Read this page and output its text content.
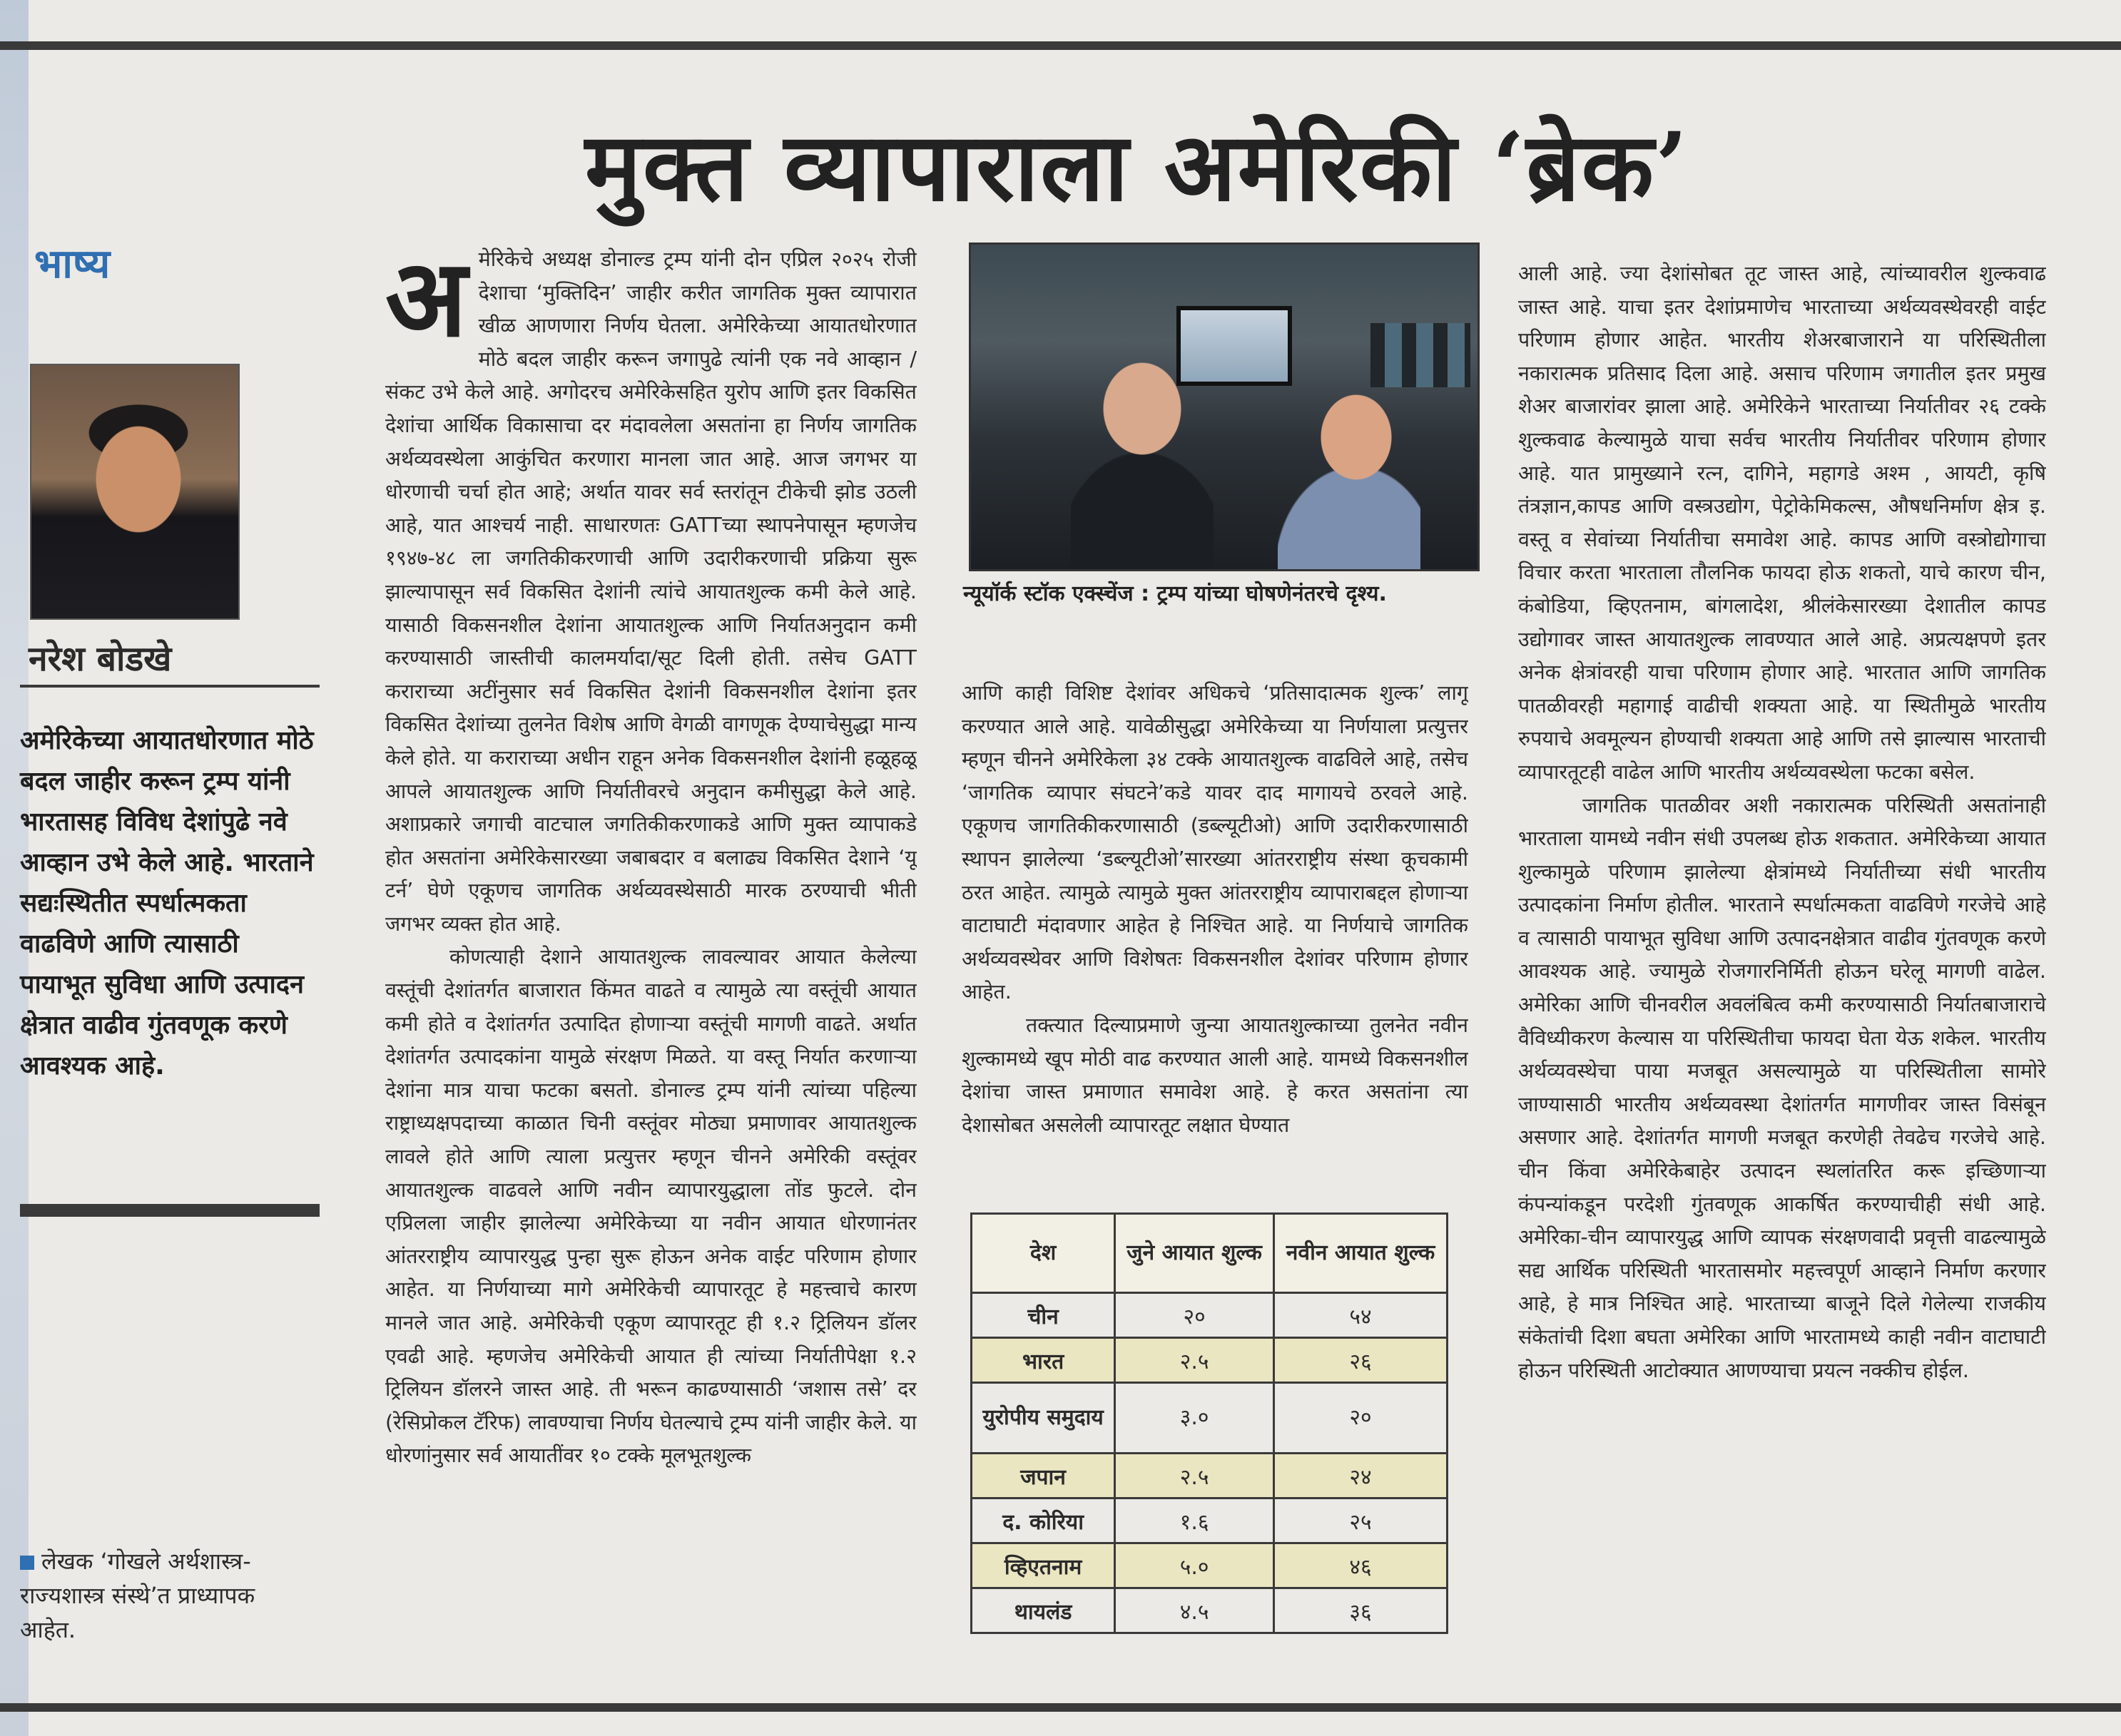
मुक्त व्यापाराला अमेरिकी ‘ब्रेक’
भाष्य
नरेश बोडखे
अमेरिकेच्या आयातधोरणात मोठे बदल जाहीर करून ट्रम्प यांनी भारतासह विविध देशांपुढे नवे आव्हान उभे केले आहे. भारताने सद्यःस्थितीत स्पर्धात्मकता वाढविणे आणि त्यासाठी पायाभूत सुविधा आणि उत्पादन क्षेत्रात वाढीव गुंतवणूक करणे आवश्यक आहे.
लेखक ‘गोखले अर्थशास्त्र-राज्यशास्त्र संस्थे’त प्राध्यापक आहेत.

अमेरिकेचे अध्यक्ष डोनाल्ड ट्रम्प यांनी दोन एप्रिल २०२५ रोजी देशाचा ‘मुक्तिदिन’ जाहीर करीत जागतिक मुक्त व्यापारात खीळ आणणारा निर्णय घेतला. अमेरिकेच्या आयातधोरणात मोठे बदल जाहीर करून जगापुढे त्यांनी एक नवे आव्हान / संकट उभे केले आहे. अगोदरच अमेरिकेसहित युरोप आणि इतर विकसित देशांचा आर्थिक विकासाचा दर मंदावलेला असतांना हा निर्णय जागतिक अर्थव्यवस्थेला आकुंचित करणारा मानला जात आहे. आज जगभर या धोरणाची चर्चा होत आहे; अर्थात यावर सर्व स्तरांतून टीकेची झोड उठली आहे, यात आश्चर्य नाही. साधारणतः GATTच्या स्थापनेपासून म्हणजेच १९४७-४८ ला जगतिकीकरणाची आणि उदारीकरणाची प्रक्रिया सुरू झाल्यापासून सर्व विकसित देशांनी त्यांचे आयातशुल्क कमी केले आहे. यासाठी विकसनशील देशांना आयातशुल्क आणि निर्यातअनुदान कमी करण्यासाठी जास्तीची कालमर्यादा/सूट दिली होती. तसेच GATT कराराच्या अटींनुसार सर्व विकसित देशांनी विकसनशील देशांना इतर विकसित देशांच्या तुलनेत विशेष आणि वेगळी वागणूक देण्याचेसुद्धा मान्य केले होते. या कराराच्या अधीन राहून अनेक विकसनशील देशांनी हळूहळू आपले आयातशुल्क आणि निर्यातीवरचे अनुदान कमीसुद्धा केले आहे. अशाप्रकारे जगाची वाटचाल जगतिकीकरणाकडे आणि मुक्त व्यापाकडे होत असतांना अमेरिकेसारख्या जबाबदार व बलाढ्य विकसित देशाने ‘यू टर्न’ घेणे एकूणच जागतिक अर्थव्यवस्थेसाठी मारक ठरण्याची भीती जगभर व्यक्त होत आहे.

कोणत्याही देशाने आयातशुल्क लावल्यावर आयात केलेल्या वस्तूंची देशांतर्गत बाजारात किंमत वाढते व त्यामुळे त्या वस्तूंची आयात कमी होते व देशांतर्गत उत्पादित होणाऱ्या वस्तूंची मागणी वाढते. अर्थात देशांतर्गत उत्पादकांना यामुळे संरक्षण मिळते. या वस्तू निर्यात करणाऱ्या देशांना मात्र याचा फटका बसतो. डोनाल्ड ट्रम्प यांनी त्यांच्या पहिल्या राष्ट्राध्यक्षपदाच्या काळात चिनी वस्तूंवर मोठ्या प्रमाणावर आयातशुल्क लावले होते आणि त्याला प्रत्युत्तर म्हणून चीनने अमेरिकी वस्तूंवर आयातशुल्क वाढवले आणि नवीन व्यापारयुद्धाला तोंड फुटले. दोन एप्रिलला जाहीर झालेल्या अमेरिकेच्या या नवीन आयात धोरणानंतर आंतरराष्ट्रीय व्यापारयुद्ध पुन्हा सुरू होऊन अनेक वाईट परिणाम होणार आहेत. या निर्णयाच्या मागे अमेरिकेची व्यापारतूट हे महत्त्वाचे कारण मानले जात आहे. अमेरिकेची एकूण व्यापारतूट ही १.२ ट्रिलियन डॉलर एवढी आहे. म्हणजेच अमेरिकेची आयात ही त्यांच्या निर्यातीपेक्षा १.२ ट्रिलियन डॉलरने जास्त आहे. ती भरून काढण्यासाठी ‘जशास तसे’ दर (रेसिप्रोकल टॅरिफ) लावण्याचा निर्णय घेतल्याचे ट्रम्प यांनी जाहीर केले. या धोरणांनुसार सर्व आयातींवर १० टक्के मूलभूतशुल्क

न्यूयॉर्क स्टॉक एक्स्चेंज : ट्रम्प यांच्या घोषणेनंतरचे दृश्य.

आणि काही विशिष्ट देशांवर अधिकचे ‘प्रतिसादात्मक शुल्क’ लागू करण्यात आले आहे. यावेळीसुद्धा अमेरिकेच्या या निर्णयाला प्रत्युत्तर म्हणून चीनने अमेरिकेला ३४ टक्के आयातशुल्क वाढविले आहे, तसेच ‘जागतिक व्यापार संघटने’कडे यावर दाद मागायचे ठरवले आहे. एकूणच जागतिकीकरणासाठी (डब्ल्यूटीओ) आणि उदारीकरणासाठी स्थापन झालेल्या ‘डब्ल्यूटीओ’सारख्या आंतरराष्ट्रीय संस्था कूचकामी ठरत आहेत. त्यामुळे त्यामुळे मुक्त आंतरराष्ट्रीय व्यापाराबद्दल होणाऱ्या वाटाघाटी मंदावणार आहेत हे निश्चित आहे. या निर्णयाचे जागतिक अर्थव्यवस्थेवर आणि विशेषतः विकसनशील देशांवर परिणाम होणार आहेत.

तक्त्यात दिल्याप्रमाणे जुन्या आयातशुल्काच्या तुलनेत नवीन शुल्कामध्ये खूप मोठी वाढ करण्यात आली आहे. यामध्ये विकसनशील देशांचा जास्त प्रमाणात समावेश आहे. हे करत असतांना त्या देशासोबत असलेली व्यापारतूट लक्षात घेण्यात

देश	जुने आयात शुल्क	नवीन आयात शुल्क
चीन	२०	५४
भारत	२.५	२६
युरोपीय समुदाय	३.०	२०
जपान	२.५	२४
द. कोरिया	१.६	२५
व्हिएतनाम	५.०	४६
थायलंड	४.५	३६

आली आहे. ज्या देशांसोबत तूट जास्त आहे, त्यांच्यावरील शुल्कवाढ जास्त आहे. याचा इतर देशांप्रमाणेच भारताच्या अर्थव्यवस्थेवरही वाईट परिणाम होणार आहेत. भारतीय शेअरबाजाराने या परिस्थितीला नकारात्मक प्रतिसाद दिला आहे. असाच परिणाम जगातील इतर प्रमुख शेअर बाजारांवर झाला आहे. अमेरिकेने भारताच्या निर्यातीवर २६ टक्के शुल्कवाढ केल्यामुळे याचा सर्वच भारतीय निर्यातीवर परिणाम होणार आहे. यात प्रामुख्याने रत्न, दागिने, महागडे अश्म , आयटी, कृषि तंत्रज्ञान,कापड आणि वस्त्रउद्योग, पेट्रोकेमिकल्स, औषधनिर्माण क्षेत्र इ. वस्तू व सेवांच्या निर्यातीचा समावेश आहे. कापड आणि वस्त्रोद्योगाचा विचार करता भारताला तौलनिक फायदा होऊ शकतो, याचे कारण चीन, कंबोडिया, व्हिएतनाम, बांगलादेश, श्रीलंकेसारख्या देशातील कापड उद्योगावर जास्त आयातशुल्क लावण्यात आले आहे. अप्रत्यक्षपणे इतर अनेक क्षेत्रांवरही याचा परिणाम होणार आहे. भारतात आणि जागतिक पातळीवरही महागाई वाढीची शक्यता आहे. या स्थितीमुळे भारतीय रुपयाचे अवमूल्यन होण्याची शक्यता आहे आणि तसे झाल्यास भारताची व्यापारतूटही वाढेल आणि भारतीय अर्थव्यवस्थेला फटका बसेल.

जागतिक पातळीवर अशी नकारात्मक परिस्थिती असतांनाही भारताला यामध्ये नवीन संधी उपलब्ध होऊ शकतात. अमेरिकेच्या आयात शुल्कामुळे परिणाम झालेल्या क्षेत्रांमध्ये निर्यातीच्या संधी भारतीय उत्पादकांना निर्माण होतील. भारताने स्पर्धात्मकता वाढविणे गरजेचे आहे व त्यासाठी पायाभूत सुविधा आणि उत्पादनक्षेत्रात वाढीव गुंतवणूक करणे आवश्यक आहे. ज्यामुळे रोजगारनिर्मिती होऊन घरेलू मागणी वाढेल. अमेरिका आणि चीनवरील अवलंबित्व कमी करण्यासाठी निर्यातबाजाराचे वैविध्यीकरण केल्यास या परिस्थितीचा फायदा घेता येऊ शकेल. भारतीय अर्थव्यवस्थेचा पाया मजबूत असल्यामुळे या परिस्थितीला सामोरे जाण्यासाठी भारतीय अर्थव्यवस्था देशांतर्गत मागणीवर जास्त विसंबून असणार आहे. देशांतर्गत मागणी मजबूत करणेही तेवढेच गरजेचे आहे. चीन किंवा अमेरिकेबाहेर उत्पादन स्थलांतरित करू इच्छिणाऱ्या कंपन्यांकडून परदेशी गुंतवणूक आकर्षित करण्याचीही संधी आहे. अमेरिका-चीन व्यापारयुद्ध आणि व्यापक संरक्षणवादी प्रवृत्ती वाढल्यामुळे सद्य आर्थिक परिस्थिती भारतासमोर महत्त्वपूर्ण आव्हाने निर्माण करणार आहे, हे मात्र निश्चित आहे. भारताच्या बाजूने दिले गेलेल्या राजकीय संकेतांची दिशा बघता अमेरिका आणि भारतामध्ये काही नवीन वाटाघाटी होऊन परिस्थिती आटोक्यात आणण्याचा प्रयत्न नक्कीच होईल.
